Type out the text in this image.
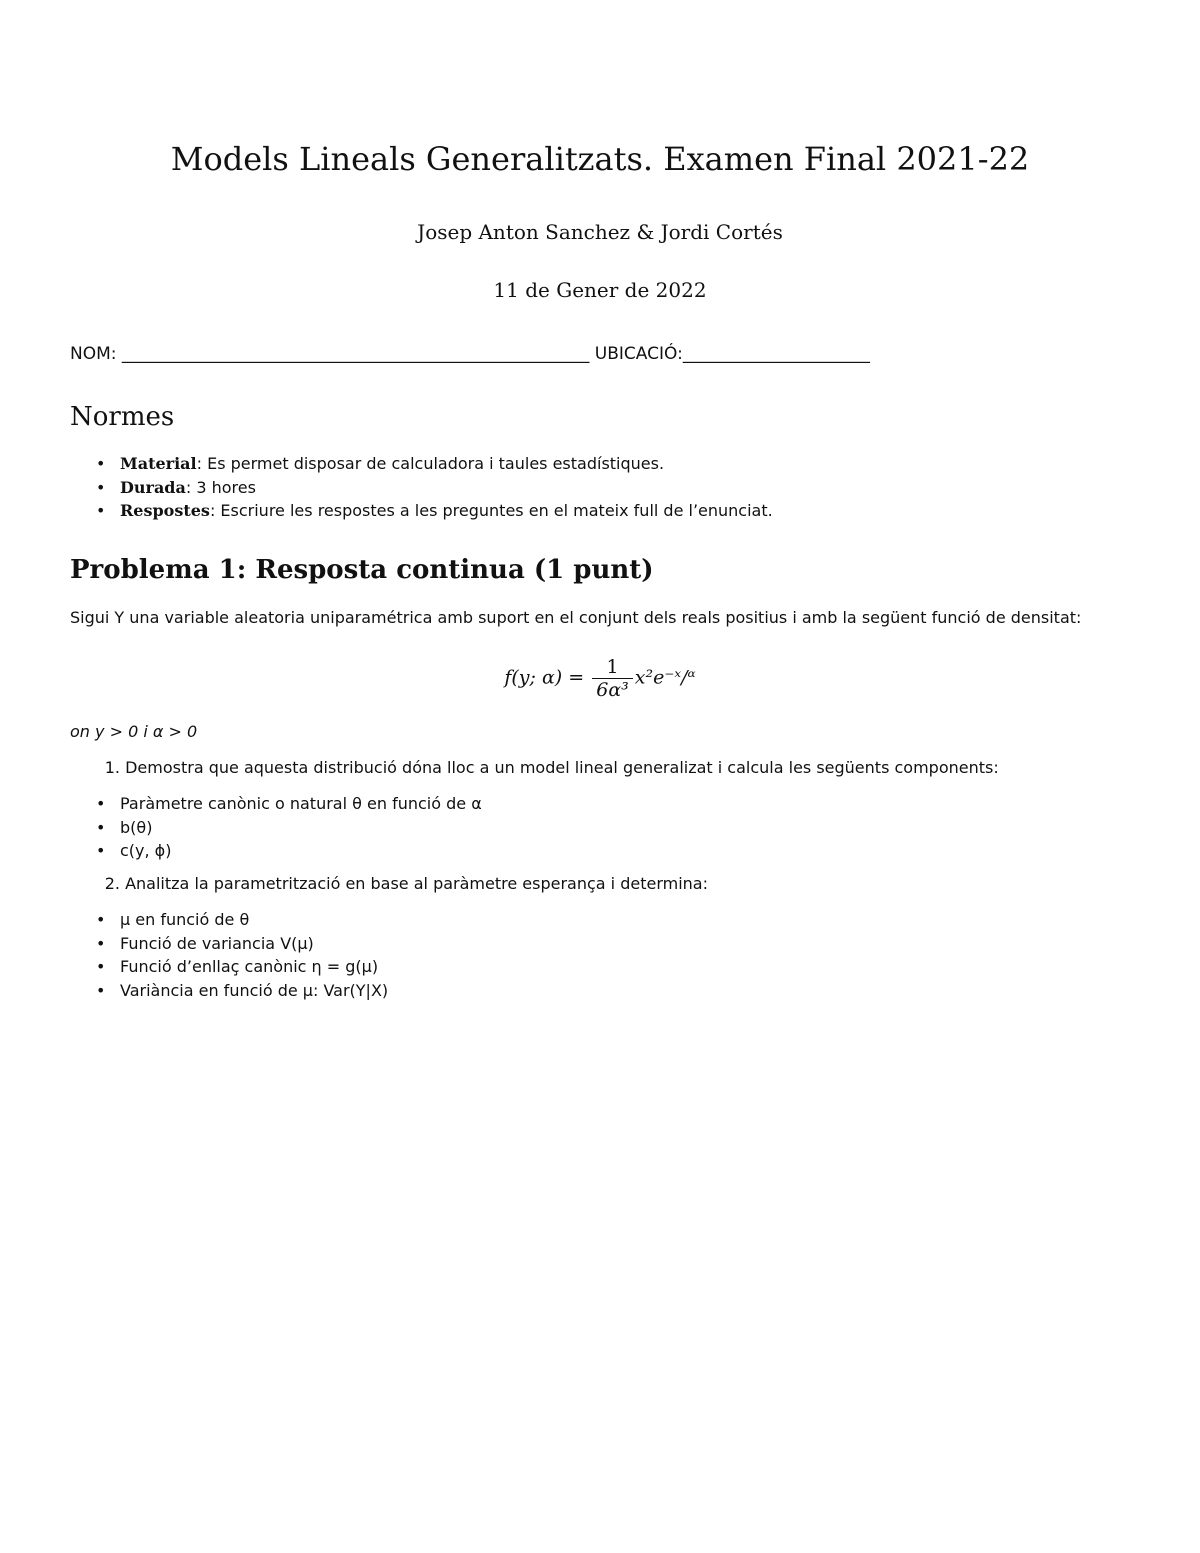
Models Lineals Generalitzats. Examen Final 2021-22
Josep Anton Sanchez & Jordi Cortés
11 de Gener de 2022
NOM: _______________________________________________________ UBICACIÓ:______________________
Normes
• Material: Es permet disposar de calculadora i taules estadístiques.
• Durada: 3 hores
• Respostes: Escriure les respostes a les preguntes en el mateix full de l’enunciat.
Problema 1: Resposta continua (1 punt)
Sigui Y una variable aleatoria uniparamétrica amb suport en el conjunt dels reals positius i amb la següent funció de densitat:
f(y; $\alpha) = \frac{1}{\text{6α³}}$ x²e⁻ˣ/ᵅ
on y > 0 i α > 0
1. Demostra que aquesta distribució dóna lloc a un model lineal generalizat i calcula les següents components:
• Paràmetre canònic o natural θ en funció de α
• b(θ)
• c(y, ϕ)
2. Analitza la parametrització en base al paràmetre esperança i determina:
• μ en funció de θ
• Funció de variancia V(μ)
• Funció d’enllaç canònic η = g(μ)
• Variància en funció de μ: Var(Y|X)
